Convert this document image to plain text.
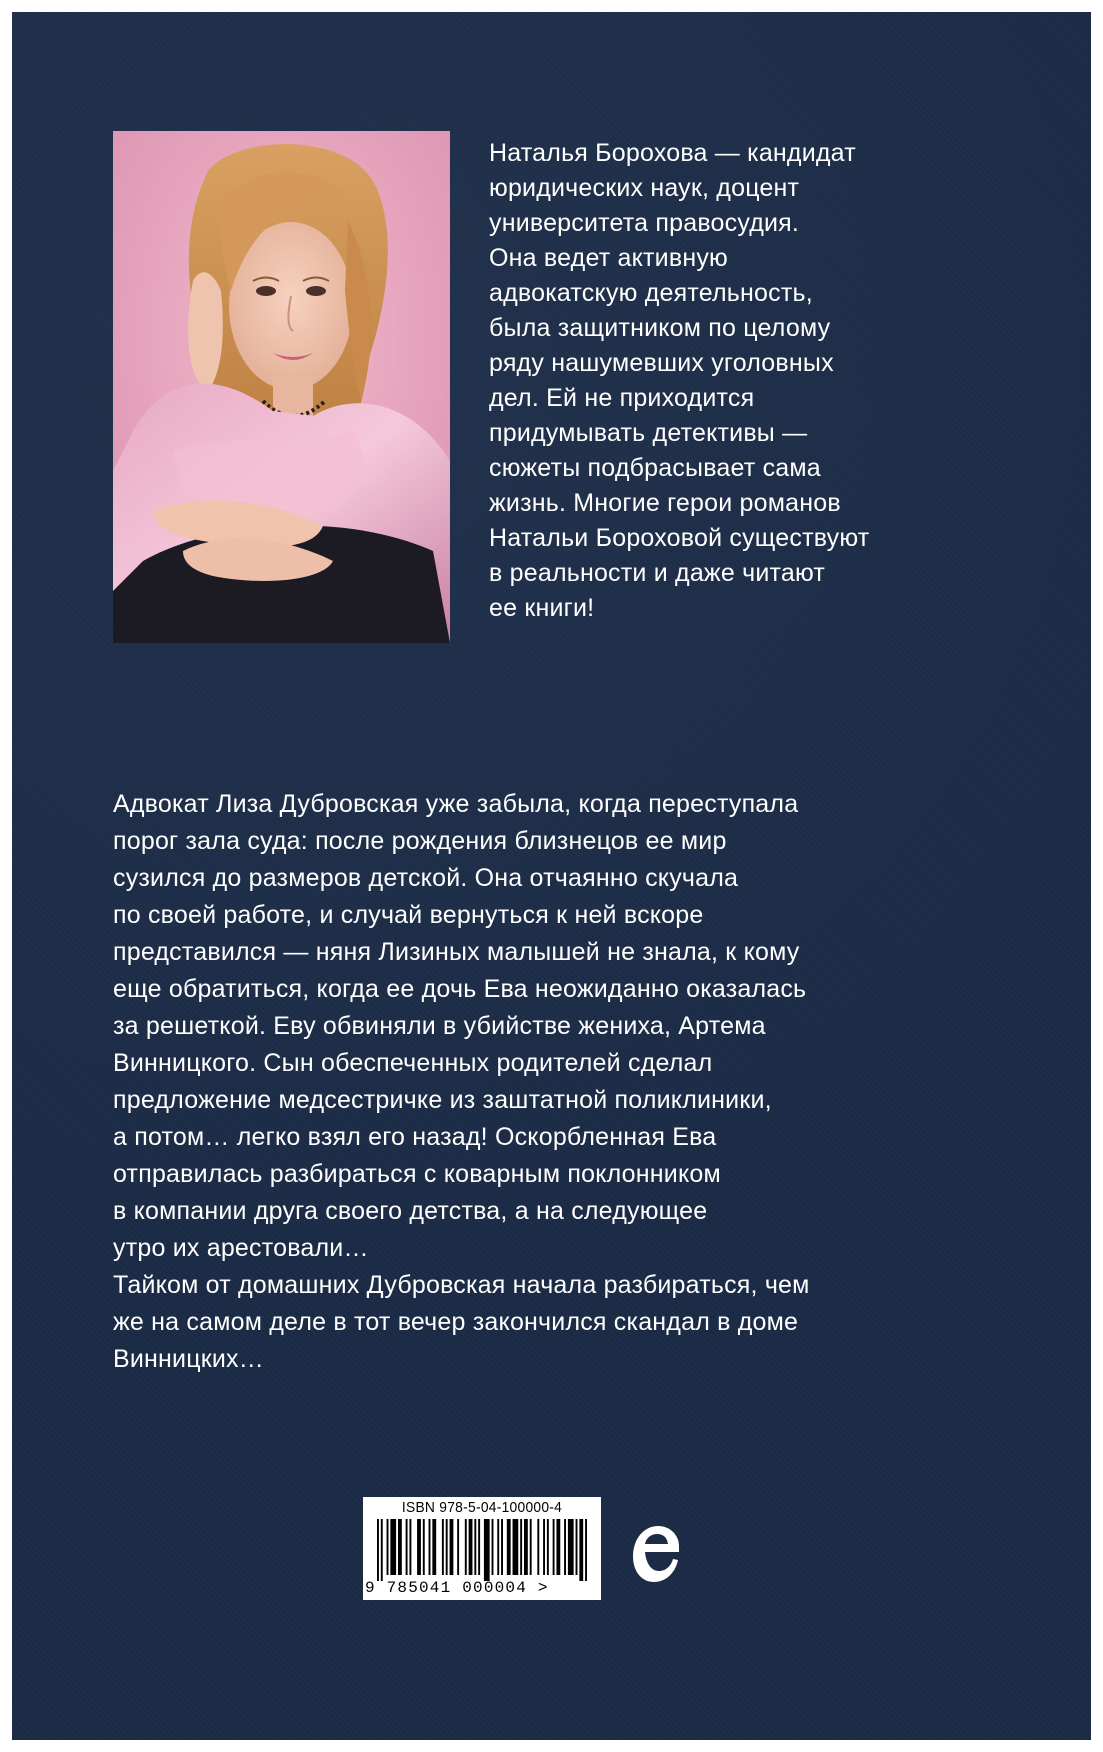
Наталья Борохова — кандидат
юридических наук, доцент
университета правосудия.
Она ведет активную
адвокатскую деятельность,
была защитником по целому
ряду нашумевших уголовных
дел. Ей не приходится
придумывать детективы —
сюжеты подбрасывает сама
жизнь. Многие герои романов
Натальи Бороховой существуют
в реальности и даже читают
ее книги!

Адвокат Лиза Дубровская уже забыла, когда переступала
порог зала суда: после рождения близнецов ее мир
сузился до размеров детской. Она отчаянно скучала
по своей работе, и случай вернуться к ней вскоре
представился — няня Лизиных малышей не знала, к кому
еще обратиться, когда ее дочь Ева неожиданно оказалась
за решеткой. Еву обвиняли в убийстве жениха, Артема
Винницкого. Сын обеспеченных родителей сделал
предложение медсестричке из заштатной поликлиники,
а потом… легко взял его назад! Оскорбленная Ева
отправилась разбираться с коварным поклонником
в компании друга своего детства, а на следующее
утро их арестовали…

Тайком от домашних Дубровская начала разбираться, чем
же на самом деле в тот вечер закончился скандал в доме
Винницких…

ISBN 978-5-04-100000-4
9 785041 000004 >
